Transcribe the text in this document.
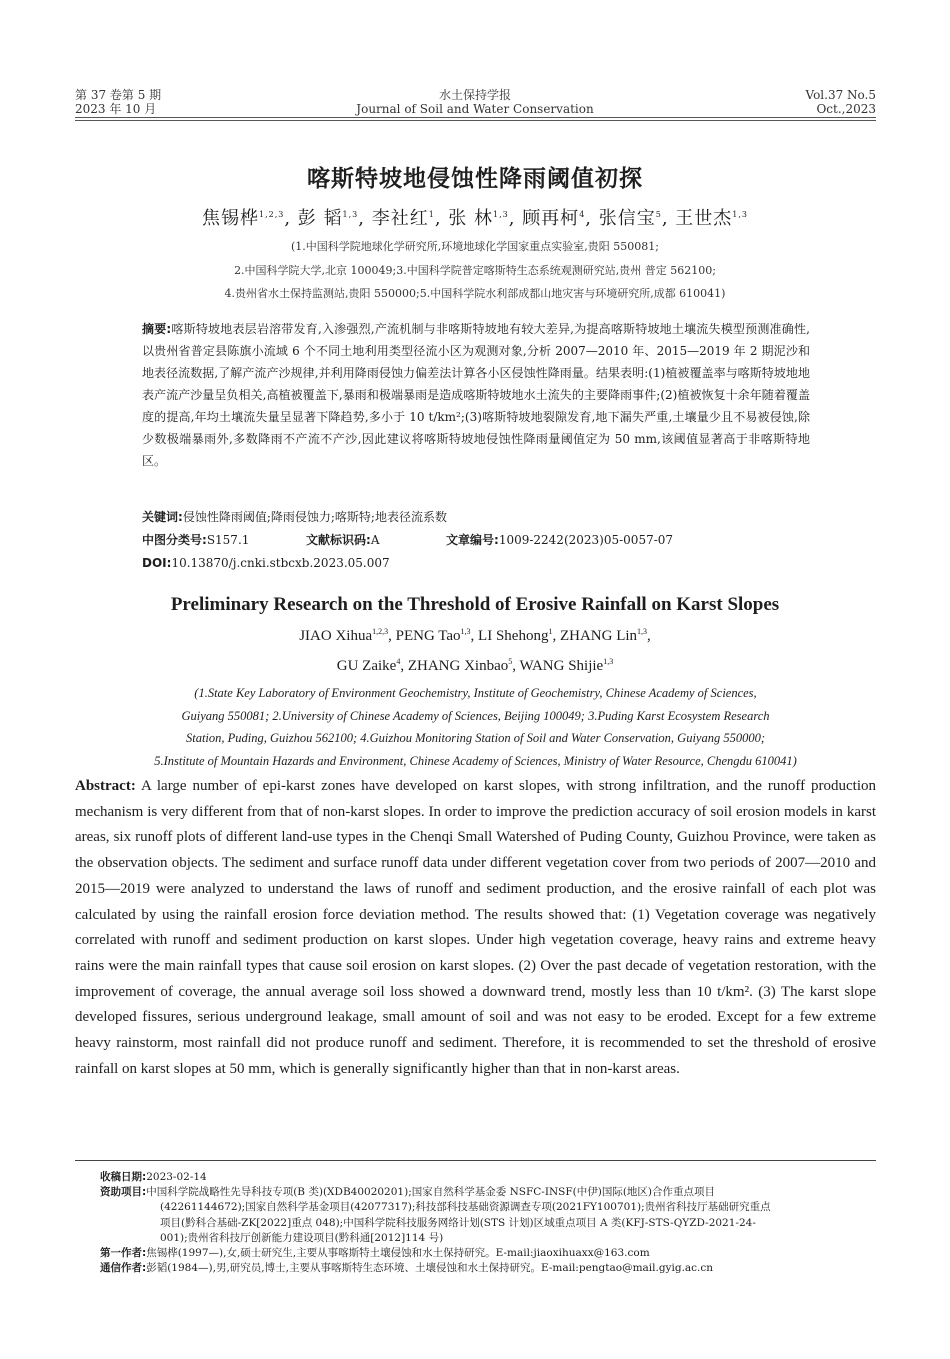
第 37 卷第 5 期
2023 年 10 月
水土保持学报
Journal of Soil and Water Conservation
Vol.37 No.5
Oct.,2023
喀斯特坡地侵蚀性降雨阈值初探
焦锡桦$^{1,2,3}$, 彭 韬$^{1,3}$, 李社红$^1$, 张 林$^{1,3}$, 顾再柯$^4$, 张信宝$^5$, 王世杰$^{1,3}$
(1.中国科学院地球化学研究所,环境地球化学国家重点实验室,贵阳 550081;
2.中国科学院大学,北京 100049;3.中国科学院普定喀斯特生态系统观测研究站,贵州 普定 562100;
4.贵州省水土保持监测站,贵阳 550000;5.中国科学院水利部成都山地灾害与环境研究所,成都 610041)
摘要:喀斯特坡地表层岩溶带发育,入渗强烈,产流机制与非喀斯特坡地有较大差异,为提高喀斯特坡地土壤流失模型预测准确性,以贵州省普定县陈旗小流域 6 个不同土地利用类型径流小区为观测对象,分析 2007—2010 年、2015—2019 年 2 期泥沙和地表径流数据,了解产流产沙规律,并利用降雨侵蚀力偏差法计算各小区侵蚀性降雨量。结果表明:(1)植被覆盖率与喀斯特坡地地表产流产沙量呈负相关,高植被覆盖下,暴雨和极端暴雨是造成喀斯特坡地水土流失的主要降雨事件;(2)植被恢复十余年随着覆盖度的提高,年均土壤流失量呈显著下降趋势,多小于 10 t/km²;(3)喀斯特坡地裂隙发育,地下漏失严重,土壤量少且不易被侵蚀,除少数极端暴雨外,多数降雨不产流不产沙,因此建议将喀斯特坡地侵蚀性降雨量阈值定为 50 mm,该阈值显著高于非喀斯特地区。
关键词:侵蚀性降雨阈值;降雨侵蚀力;喀斯特;地表径流系数
中图分类号:S157.1	文献标识码:A	文章编号:1009-2242(2023)05-0057-07
DOI:10.13870/j.cnki.stbcxb.2023.05.007
Preliminary Research on the Threshold of Erosive Rainfall on Karst Slopes
JIAO Xihua$^{1,2,3}$, PENG Tao$^{1,3}$, LI Shehong$^1$, ZHANG Lin$^{1,3}$,
GU Zaike$^4$, ZHANG Xinbao$^5$, WANG Shijie$^{1,3}$
(1.State Key Laboratory of Environment Geochemistry, Institute of Geochemistry, Chinese Academy of Sciences,
Guiyang 550081; 2.University of Chinese Academy of Sciences, Beijing 100049; 3.Puding Karst Ecosystem Research
Station, Puding, Guizhou 562100; 4.Guizhou Monitoring Station of Soil and Water Conservation, Guiyang 550000;
5.Institute of Mountain Hazards and Environment, Chinese Academy of Sciences, Ministry of Water Resource, Chengdu 610041)
Abstract: A large number of epi-karst zones have developed on karst slopes, with strong infiltration, and the runoff production mechanism is very different from that of non-karst slopes. In order to improve the prediction accuracy of soil erosion models in karst areas, six runoff plots of different land-use types in the Chenqi Small Watershed of Puding County, Guizhou Province, were taken as the observation objects. The sediment and surface runoff data under different vegetation cover from two periods of 2007—2010 and 2015—2019 were analyzed to understand the laws of runoff and sediment production, and the erosive rainfall of each plot was calculated by using the rainfall erosion force deviation method. The results showed that: (1) Vegetation coverage was negatively correlated with runoff and sediment production on karst slopes. Under high vegetation coverage, heavy rains and extreme heavy rains were the main rainfall types that cause soil erosion on karst slopes. (2) Over the past decade of vegetation restoration, with the improvement of coverage, the annual average soil loss showed a downward trend, mostly less than 10 t/km². (3) The karst slope developed fissures, serious underground leakage, small amount of soil and was not easy to be eroded. Except for a few extreme heavy rainstorm, most rainfall did not produce runoff and sediment. Therefore, it is recommended to set the threshold of erosive rainfall on karst slopes at 50 mm, which is generally significantly higher than that in non-karst areas.

收稿日期:2023-02-14

资助项目:中国科学院战略性先导科技专项(B 类)(XDB40020201);国家自然科学基金委 NSFC-INSF(中伊)国际(地区)合作重点项目

(42261144672);国家自然科学基金项目(42077317);科技部科技基础资源调查专项(2021FY100701);贵州省科技厅基础研究重点

项目(黔科合基础-ZK[2022]重点 048);中国科学院科技服务网络计划(STS 计划)区域重点项目 A 类(KFJ-STS-QYZD-2021-24-

001);贵州省科技厅创新能力建设项目(黔科通[2012]114 号)

第一作者:焦锡桦(1997—),女,硕士研究生,主要从事喀斯特土壤侵蚀和水土保持研究。E-mail:jiaoxihuaxx@163.com

通信作者:彭韬(1984—),男,研究员,博士,主要从事喀斯特生态环境、土壤侵蚀和水土保持研究。E-mail:pengtao@mail.gyig.ac.cn
